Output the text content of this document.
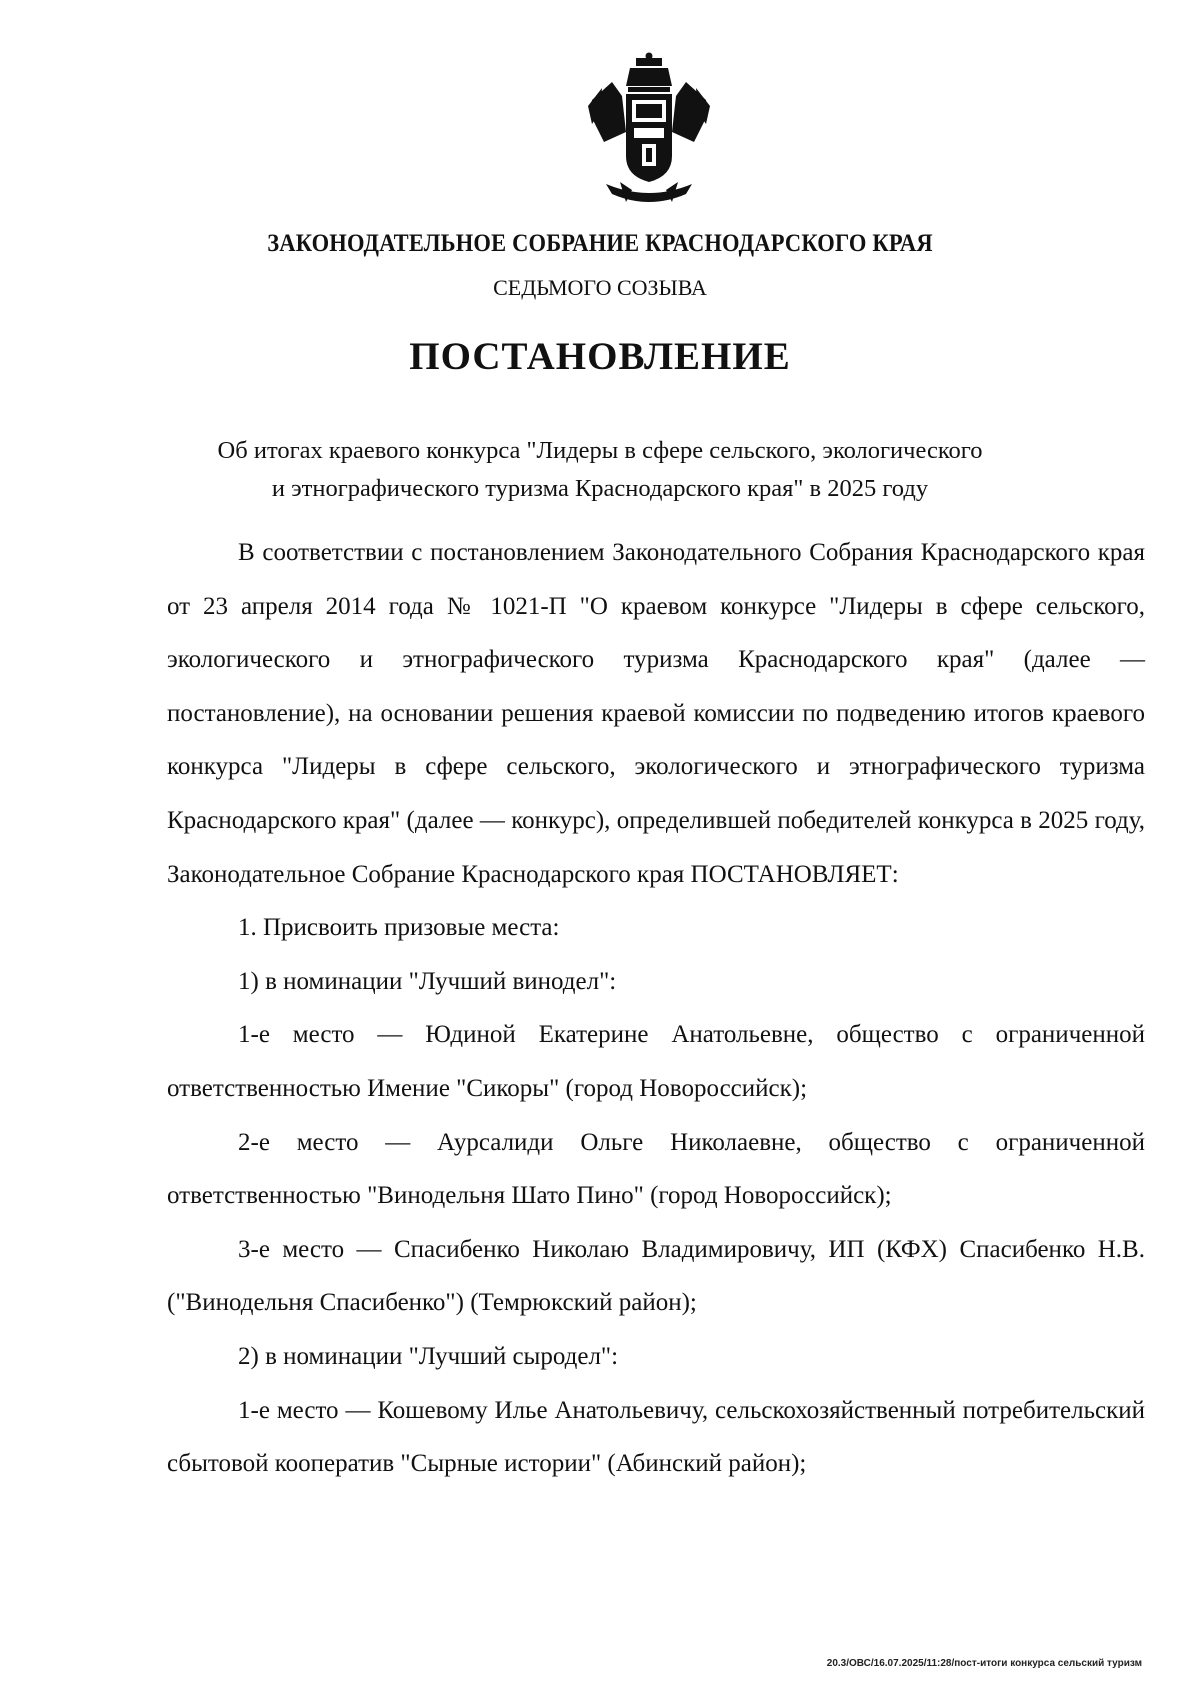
ЗАКОНОДАТЕЛЬНОЕ СОБРАНИЕ КРАСНОДАРСКОГО КРАЯ
СЕДЬМОГО СОЗЫВА
ПОСТАНОВЛЕНИЕ
Об итогах краевого конкурса "Лидеры в сфере сельского, экологического
и этнографического туризма Краснодарского края" в 2025 году

В соответствии с постановлением Законодательного Собрания Краснодарского края от 23 апреля 2014 года № 1021-П "О краевом конкурсе "Лидеры в сфере сельского, экологического и этнографического туризма Краснодарского края" (далее — постановление), на основании решения краевой комиссии по подведению итогов краевого конкурса "Лидеры в сфере сельского, экологического и этнографического туризма Краснодарского края" (далее — конкурс), определившей победителей конкурса в 2025 году, Законодательное Собрание Краснодарского края ПОСТАНОВЛЯЕТ:

1. Присвоить призовые места:

1) в номинации "Лучший винодел":

1-е место — Юдиной Екатерине Анатольевне, общество с ограниченной ответственностью Имение "Сикоры" (город Новороссийск);

2-е место — Аурсалиди Ольге Николаевне, общество с ограниченной ответственностью "Винодельня Шато Пино" (город Новороссийск);

3-е место — Спасибенко Николаю Владимировичу, ИП (КФХ) Спасибенко Н.В. ("Винодельня Спасибенко") (Темрюкский район);

2) в номинации "Лучший сыродел":

1-е место — Кошевому Илье Анатольевичу, сельскохозяйственный потребительский сбытовой кооператив "Сырные истории" (Абинский район);

20.3/ОВС/16.07.2025/11:28/пост-итоги конкурса сельский туризм
